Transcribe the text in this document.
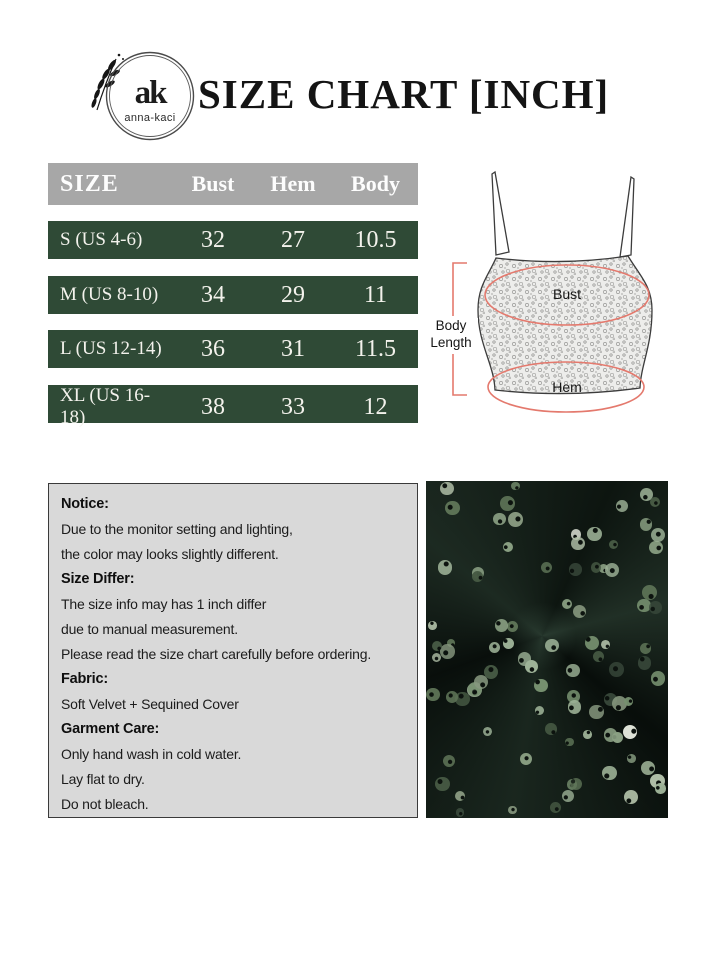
ak
anna-kaci
SIZE CHART [INCH]
SIZE	Bust	Hem	Body
S (US 4-6)	32	27	10.5
M (US 8-10)	34	29	11
L (US 12-14)	36	31	11.5
XL (US 16-18)	38	33	12
Body
Length
Bust
Hem
Notice:
Due to the monitor setting and lighting,
the color may looks slightly different.
Size Differ:
The size info may has 1 inch differ
due to manual measurement.
Please read the size chart carefully before ordering.
Fabric:
Soft Velvet + Sequined Cover
Garment Care:
Only hand wash in cold water.
Lay flat to dry.
Do not bleach.
